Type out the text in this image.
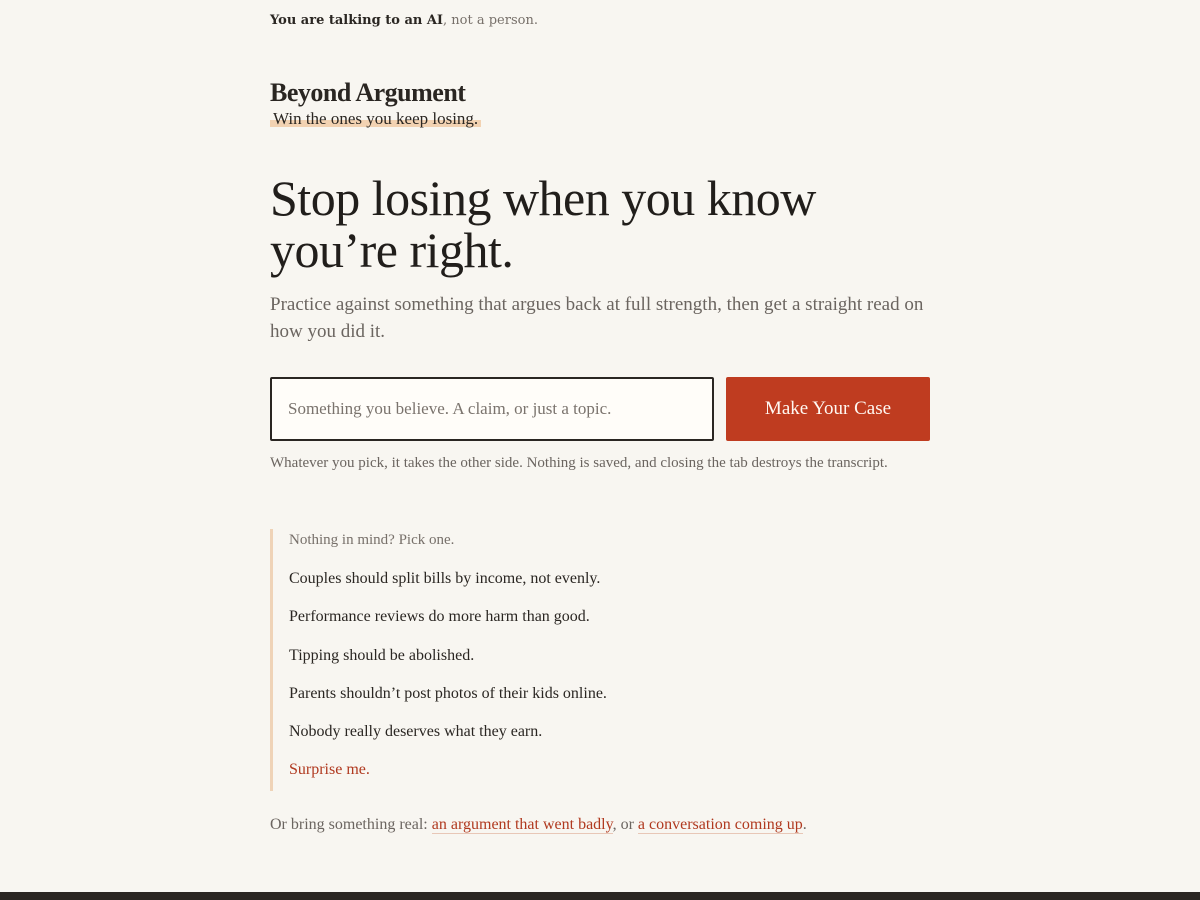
You are talking to an AI, not a person.
Beyond Argument
Win the ones you keep losing.
Stop losing when you know you’re right.

Practice against something that argues back at full strength, then get a straight read on how you did it.

Something you believe. A claim, or just a topic.
Make Your Case

Whatever you pick, it takes the other side. Nothing is saved, and closing the tab destroys the transcript.

Nothing in mind? Pick one.

Couples should split bills by income, not evenly.
Performance reviews do more harm than good.
Tipping should be abolished.
Parents shouldn’t post photos of their kids online.
Nobody really deserves what they earn.
Surprise me.
Or bring something real: an argument that went badly, or a conversation coming up.
